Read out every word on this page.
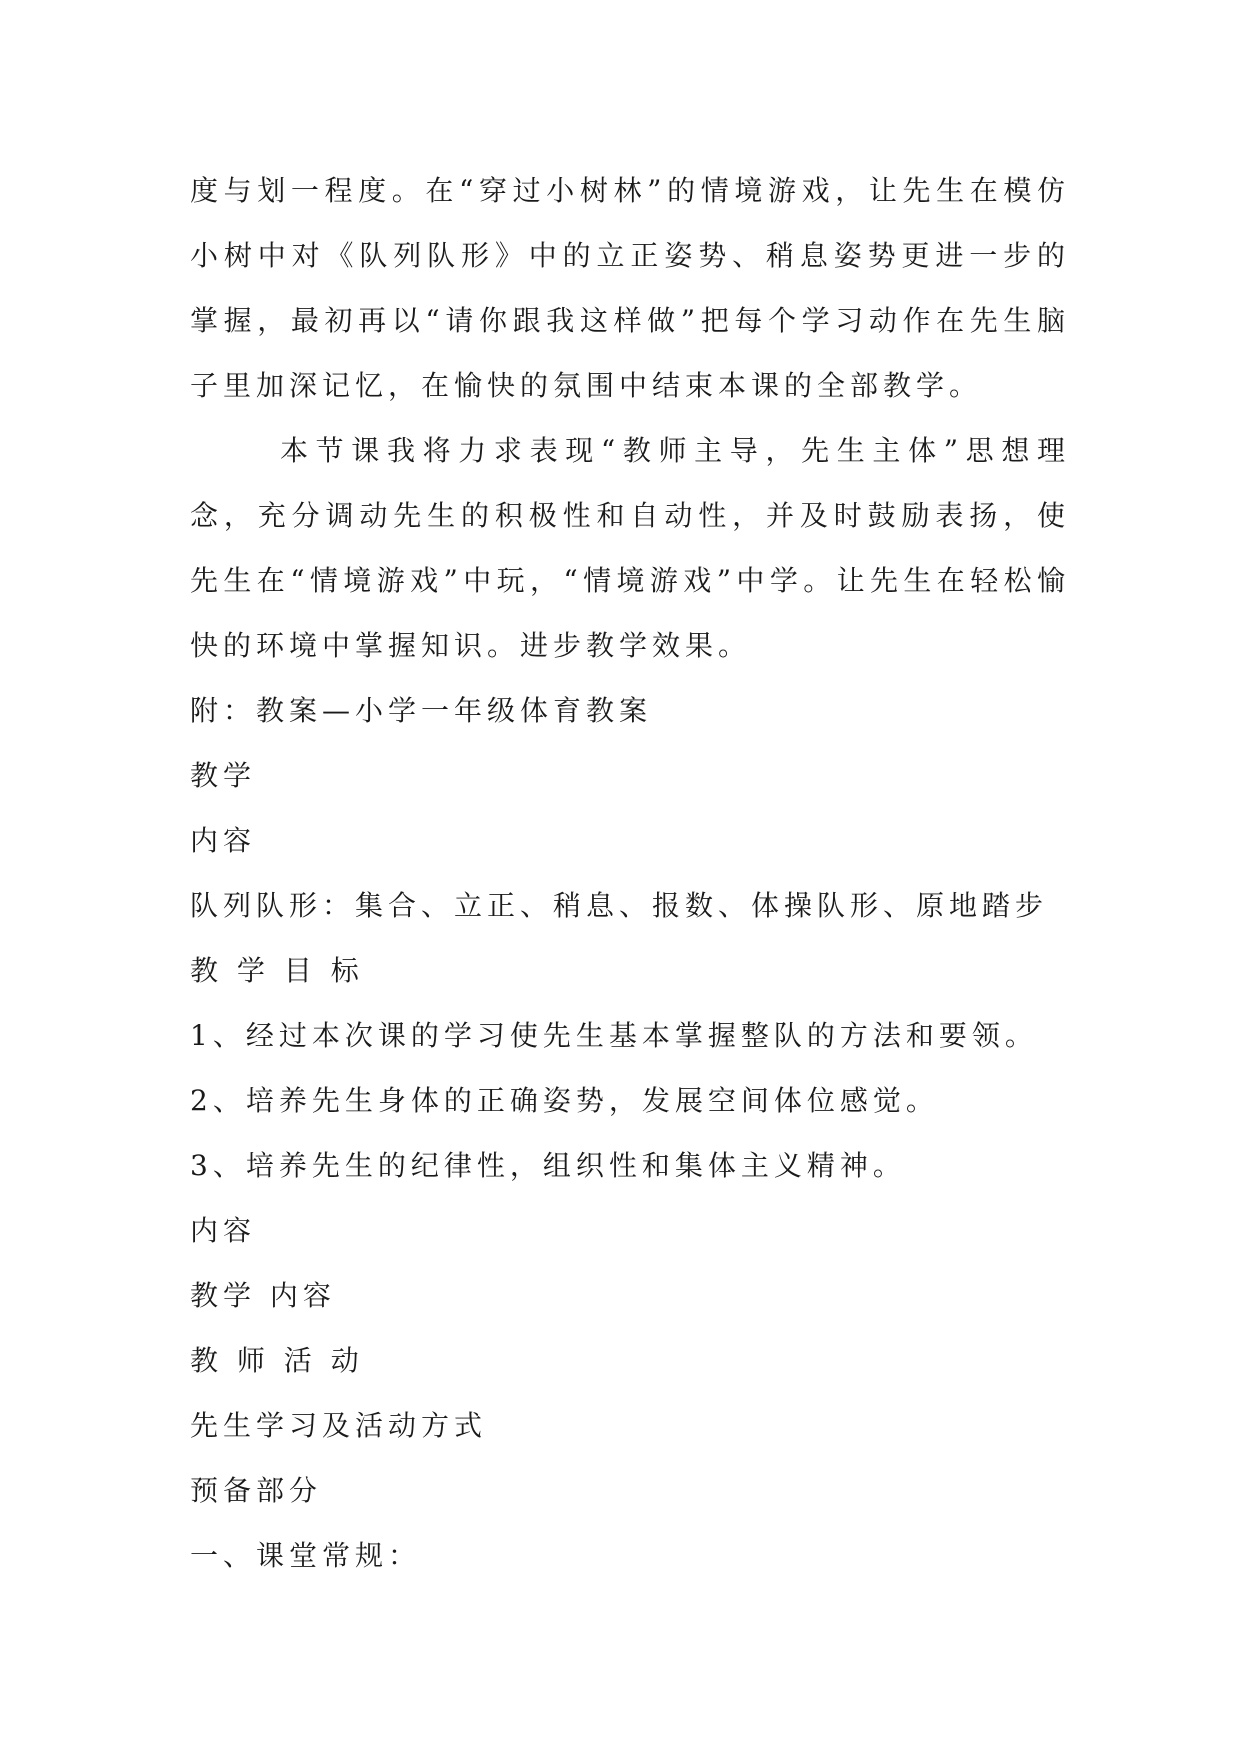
度与划一程度。在“穿过小树林”的情境游戏，让先生在模仿小树中对《队列队形》中的立正姿势、稍息姿势更进一步的掌握，最初再以“请你跟我这样做”把每个学习动作在先生脑子里加深记忆，在愉快的氛围中结束本课的全部教学。

本节课我将力求表现“教师主导，先生主体”思想理念，充分调动先生的积极性和自动性，并及时鼓励表扬，使先生在“情境游戏”中玩，“情境游戏”中学。让先生在轻松愉快的环境中掌握知识。进步教学效果。

附：教案—小学一年级体育教案
教学
内容
队列队形：集合、立正、稍息、报数、体操队形、原地踏步
教 学 目 标
1、经过本次课的学习使先生基本掌握整队的方法和要领。
2、培养先生身体的正确姿势，发展空间体位感觉。
3、培养先生的纪律性，组织性和集体主义精神。
内容
教学 内容
教 师 活 动
先生学习及活动方式
预备部分
一、课堂常规：
